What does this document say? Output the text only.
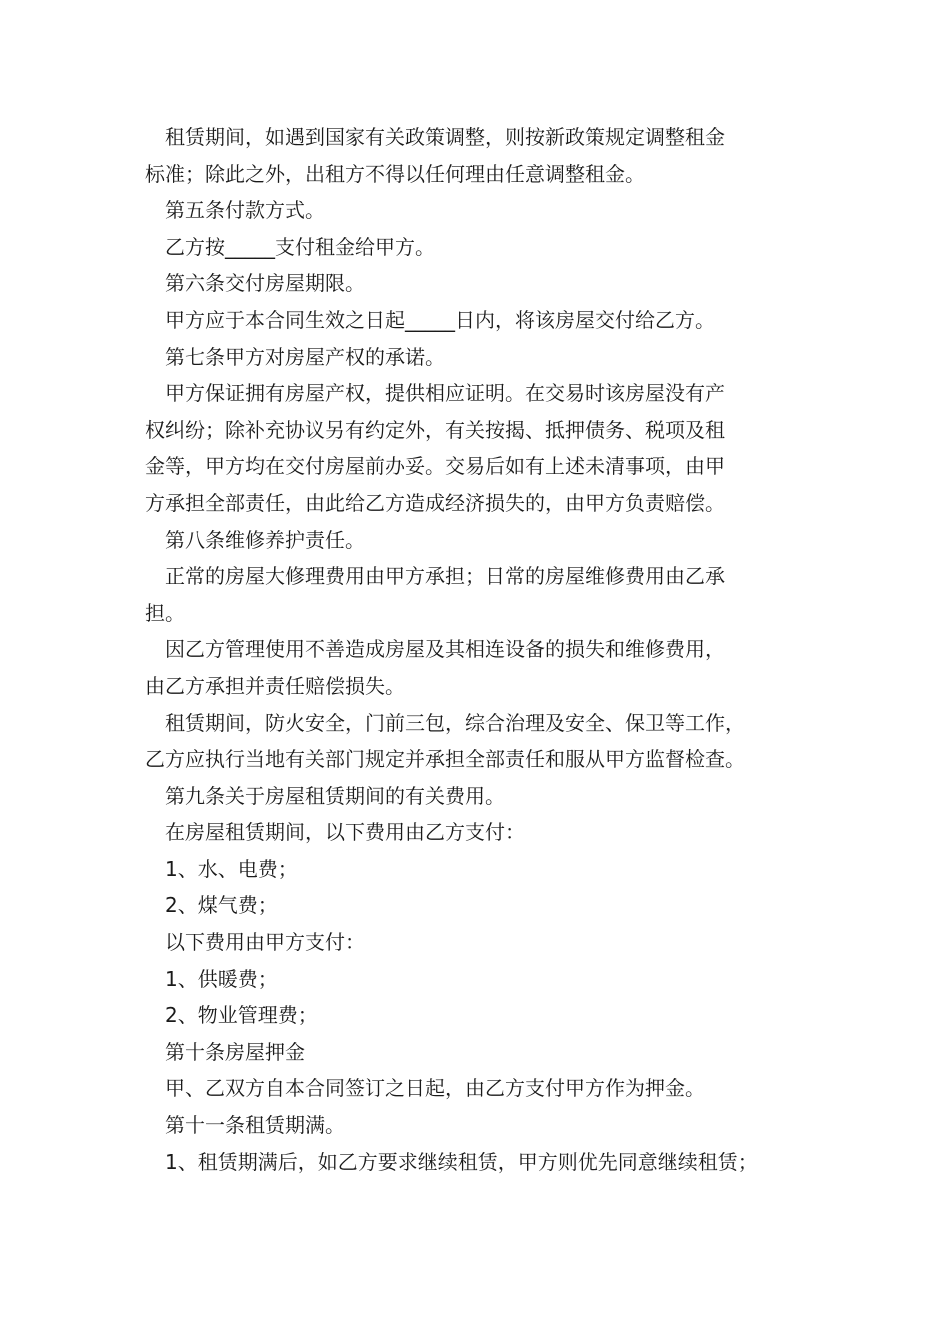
租赁期间，如遇到国家有关政策调整，则按新政策规定调整租金
标准；除此之外，出租方不得以任何理由任意调整租金。
第五条付款方式。
乙方按_____支付租金给甲方。
第六条交付房屋期限。
甲方应于本合同生效之日起_____日内，将该房屋交付给乙方。
第七条甲方对房屋产权的承诺。
甲方保证拥有房屋产权，提供相应证明。在交易时该房屋没有产
权纠纷；除补充协议另有约定外，有关按揭、抵押债务、税项及租
金等，甲方均在交付房屋前办妥。交易后如有上述未清事项，由甲
方承担全部责任，由此给乙方造成经济损失的，由甲方负责赔偿。
第八条维修养护责任。
正常的房屋大修理费用由甲方承担；日常的房屋维修费用由乙承
担。
因乙方管理使用不善造成房屋及其相连设备的损失和维修费用，
由乙方承担并责任赔偿损失。
租赁期间，防火安全，门前三包，综合治理及安全、保卫等工作，
乙方应执行当地有关部门规定并承担全部责任和服从甲方监督检查。
第九条关于房屋租赁期间的有关费用。
在房屋租赁期间，以下费用由乙方支付：
1、水、电费；
2、煤气费；
以下费用由甲方支付：
1、供暖费；
2、物业管理费；
第十条房屋押金
甲、乙双方自本合同签订之日起，由乙方支付甲方作为押金。
第十一条租赁期满。
1、租赁期满后，如乙方要求继续租赁，甲方则优先同意继续租赁；
